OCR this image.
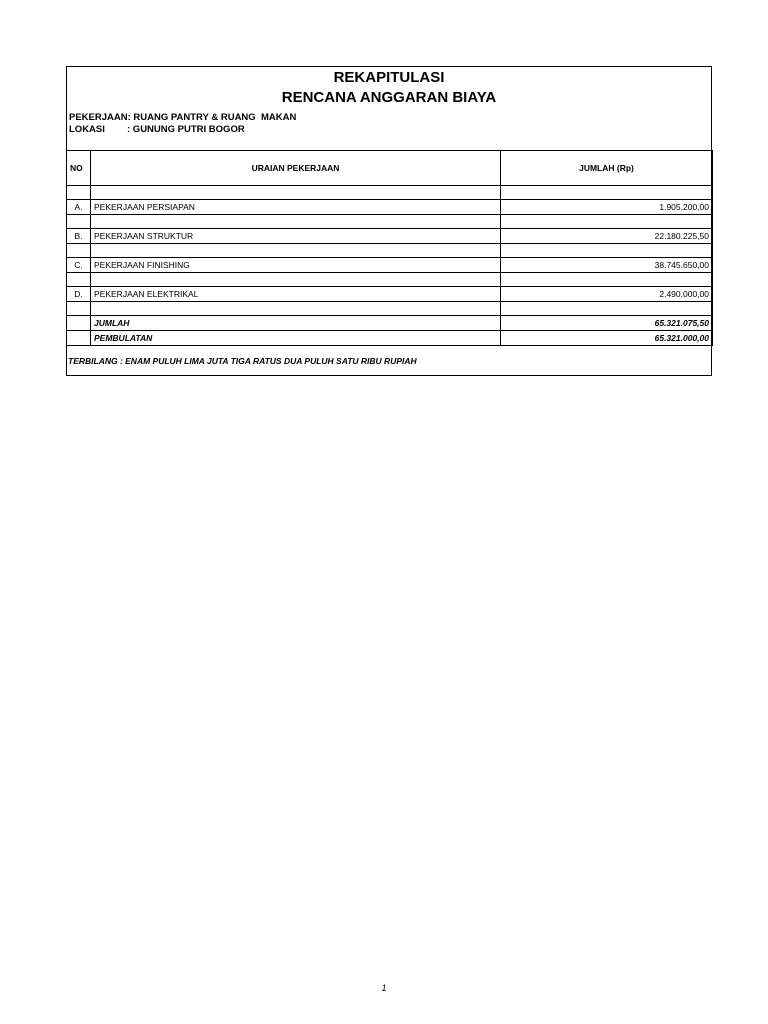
REKAPITULASI
RENCANA ANGGARAN BIAYA
PEKERJAAN: RUANG PANTRY & RUANG  MAKAN
LOKASI : GUNUNG PUTRI BOGOR
NO	URAIAN PEKERJAAN	JUMLAH (Rp)

A.	PEKERJAAN PERSIAPAN	1.905.200,00

B.	PEKERJAAN STRUKTUR	22.180.225,50

C.	PEKERJAAN FINISHING	38.745.650,00

D.	PEKERJAAN ELEKTRIKAL	2.490.000,00

	JUMLAH	65.321.075,50
	PEMBULATAN	65.321.000,00
TERBILANG : ENAM PULUH LIMA JUTA TIGA RATUS DUA PULUH SATU RIBU RUPIAH
1
